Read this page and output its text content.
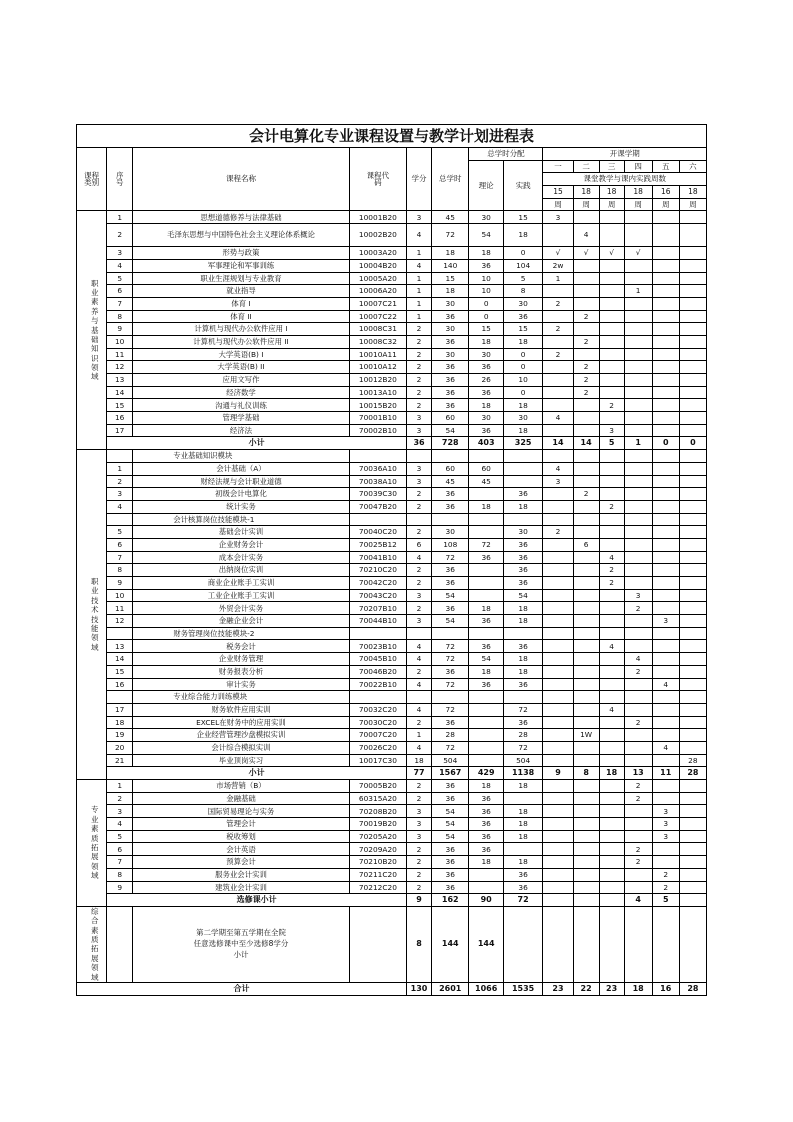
会计电算化专业课程设置与教学计划进程表
课程类别	序号	课程名称	课程代码	学分	总学时	总学时分配		开课学期					
						理论	实践	一	二	三	四	五	六
								课堂教学与课内实践周数					
								15	18	18	18	16	18
								周	周	周	周	周	周
职业素养与基础知识领域	1	思想道德修养与法律基础	10001B20	3	45	30	15	3					
	2	毛泽东思想与中国特色社会主义理论体系概论	10002B20	4	72	54	18		4				
	3	形势与政策	10003A20	1	18	18	0	√	√	√	√		
	4	军事理论和军事训练	10004B20	4	140	36	104	2w					
	5	职业生涯规划与专业教育	10005A20	1	15	10	5	1					
	6	就业指导	10006A20	1	18	10	8				1		
	7	体育 I	10007C21	1	30	0	30	2					
	8	体育 II	10007C22	1	36	0	36		2				
	9	计算机与现代办公软件应用 I	10008C31	2	30	15	15	2					
	10	计算机与现代办公软件应用 II	10008C32	2	36	18	18		2				
	11	大学英语(B) I	10010A11	2	30	30	0	2					
	12	大学英语(B) II	10010A12	2	36	36	0		2				
	13	应用文写作	10012B20	2	36	26	10		2				
	14	经济数学	10013A10	2	36	36	0		2				
	15	沟通与礼仪训练	10015B20	2	36	18	18			2			
	16	管理学基础	70001B10	3	60	30	30	4					
	17	经济法	70002B10	3	54	36	18			3			
	小计			36	728	403	325	14	14	5	1	0	0
职业技术技能领域		专业基础知识模块											
	1	会计基础（A）	70036A10	3	60	60		4					
	2	财经法规与会计职业道德	70038A10	3	45	45		3					
	3	初级会计电算化	70039C30	2	36		36		2				
	4	统计实务	70047B20	2	36	18	18			2			
		会计核算岗位技能模块-1											
	5	基础会计实训	70040C20	2	30		30	2					
	6	企业财务会计	70025B12	6	108	72	36		6				
	7	成本会计实务	70041B10	4	72	36	36			4			
	8	出纳岗位实训	70210C20	2	36		36			2			
	9	商业企业账手工实训	70042C20	2	36		36			2			
	10	工业企业账手工实训	70043C20	3	54		54				3		
	11	外贸会计实务	70207B10	2	36	18	18				2		
	12	金融企业会计	70044B10	3	54	36	18					3	
		财务管理岗位技能模块-2											
	13	税务会计	70023B10	4	72	36	36			4			
	14	企业财务管理	70045B10	4	72	54	18				4		
	15	财务报表分析	70046B20	2	36	18	18				2		
	16	审计实务	70022B10	4	72	36	36					4	
		专业综合能力训练模块											
	17	财务软件应用实训	70032C20	4	72		72			4			
	18	EXCEL在财务中的应用实训	70030C20	2	36		36				2		
	19	企业经营管理沙盘模拟实训	70007C20	1	28		28		1W				
	20	会计综合模拟实训	70026C20	4	72		72					4	
	21	毕业顶岗实习	10017C30	18	504		504						28
	小计			77	1567	429	1138	9	8	18	13	11	28
专业素质拓展领域	1	市场营销（B）	70005B20	2	36	18	18				2		
	2	金融基础	60315A20	2	36	36					2		
	3	国际贸易理论与实务	70208B20	3	54	36	18					3	
	4	管理会计	70019B20	3	54	36	18					3	
	5	税收筹划	70205A20	3	54	36	18					3	
	6	会计英语	70209A20	2	36	36					2		
	7	预算会计	70210B20	2	36	18	18				2		
	8	服务业会计实训	70211C20	2	36		36					2	
	9	建筑业会计实训	70212C20	2	36		36					2	
	选修课小计			9	162	90	72				4	5	
综合素质拓展领域		第二学期至第五学期在全院
任意选修课中至少选修8学分
小计		8	144	144							
合计				130	2601	1066	1535	23	22	23	18	16	28
